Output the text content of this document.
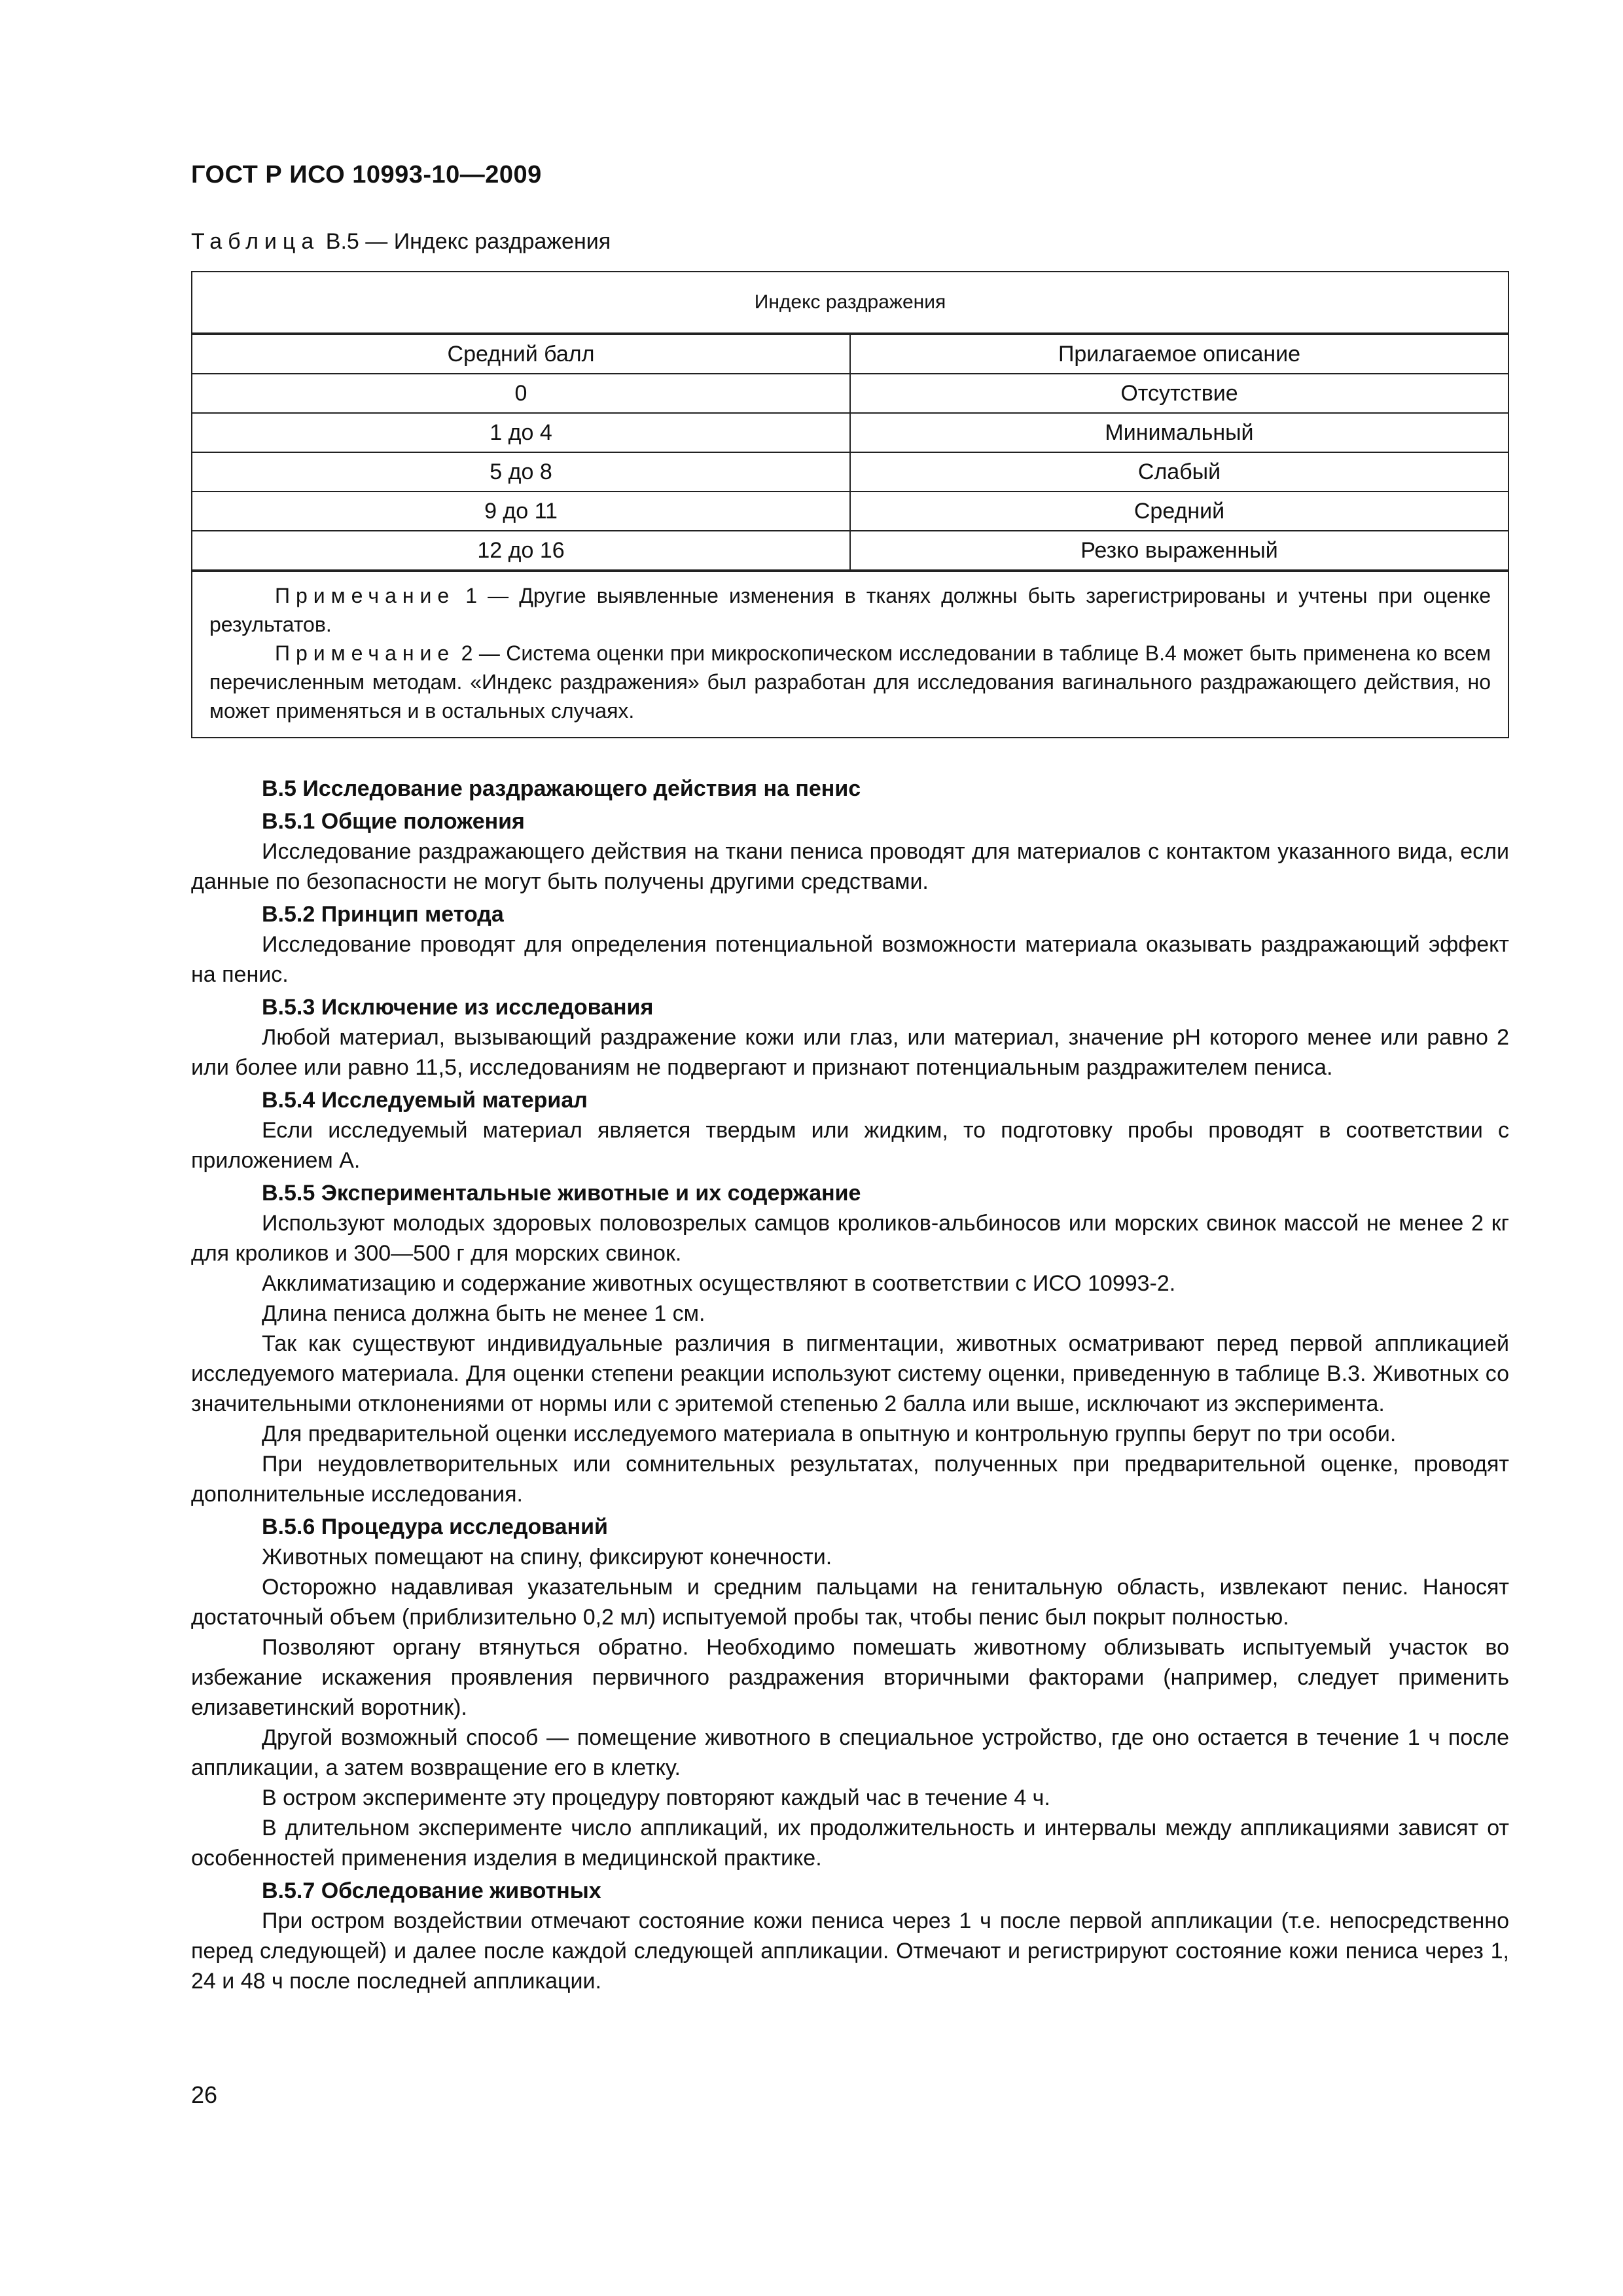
ГОСТ Р ИСО 10993-10—2009
Таблица B.5 — Индекс раздражения
Индекс раздражения	
Средний балл	Прилагаемое описание
0	Отсутствие
1 до 4	Минимальный
5 до 8	Слабый
9 до 11	Средний
12 до 16	Резко выраженный

Примечание 1 — Другие выявленные изменения в тканях должны быть зарегистрированы и учтены при оценке результатов.

Примечание 2 — Система оценки при микроскопическом исследовании в таблице B.4 может быть применена ко всем перечисленным методам. «Индекс раздражения» был разработан для исследования вагинального раздражающего действия, но может применяться и в остальных случаях.	

B.5 Исследование раздражающего действия на пенис
B.5.1 Общие положения

Исследование раздражающего действия на ткани пениса проводят для материалов с контактом указанного вида, если данные по безопасности не могут быть получены другими средствами.

B.5.2 Принцип метода

Исследование проводят для определения потенциальной возможности материала оказывать раздражающий эффект на пенис.

B.5.3 Исключение из исследования

Любой материал, вызывающий раздражение кожи или глаз, или материал, значение pH которого менее или равно 2 или более или равно 11,5, исследованиям не подвергают и признают потенциальным раздражителем пениса.

B.5.4 Исследуемый материал

Если исследуемый материал является твердым или жидким, то подготовку пробы проводят в соответствии с приложением А.

B.5.5 Экспериментальные животные и их содержание

Используют молодых здоровых половозрелых самцов кроликов-альбиносов или морских свинок массой не менее 2 кг для кроликов и 300—500 г для морских свинок.

Акклиматизацию и содержание животных осуществляют в соответствии с ИСО 10993-2.

Длина пениса должна быть не менее 1 см.

Так как существуют индивидуальные различия в пигментации, животных осматривают перед первой аппликацией исследуемого материала. Для оценки степени реакции используют систему оценки, приведенную в таблице B.3. Животных со значительными отклонениями от нормы или с эритемой степенью 2 балла или выше, исключают из эксперимента.

Для предварительной оценки исследуемого материала в опытную и контрольную группы берут по три особи.

При неудовлетворительных или сомнительных результатах, полученных при предварительной оценке, проводят дополнительные исследования.

B.5.6 Процедура исследований

Животных помещают на спину, фиксируют конечности.

Осторожно надавливая указательным и средним пальцами на генитальную область, извлекают пенис. Наносят достаточный объем (приблизительно 0,2 мл) испытуемой пробы так, чтобы пенис был покрыт полностью.

Позволяют органу втянуться обратно. Необходимо помешать животному облизывать испытуемый участок во избежание искажения проявления первичного раздражения вторичными факторами (например, следует применить елизаветинский воротник).

Другой возможный способ — помещение животного в специальное устройство, где оно остается в течение 1 ч после аппликации, а затем возвращение его в клетку.

В остром эксперименте эту процедуру повторяют каждый час в течение 4 ч.

В длительном эксперименте число аппликаций, их продолжительность и интервалы между аппликациями зависят от особенностей применения изделия в медицинской практике.

B.5.7 Обследование животных

При остром воздействии отмечают состояние кожи пениса через 1 ч после первой аппликации (т.е. непосредственно перед следующей) и далее после каждой следующей аппликации. Отмечают и регистрируют состояние кожи пениса через 1, 24 и 48 ч после последней аппликации.

26
